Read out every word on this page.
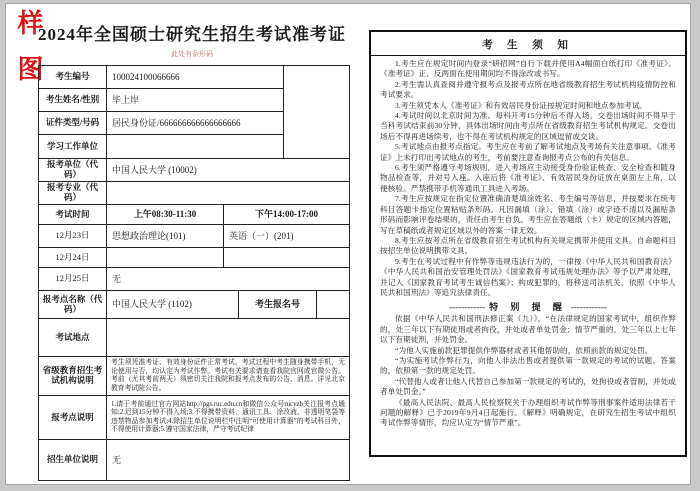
样图
2024年全国硕士研究生招生考试准考证
此处有条形码
考生编号	100024100066666
考生姓名/性别	毕上岸
证件类型/号码	居民身份证/666666666666666666
学习工作单位
报考单位（代码）	中国人民大学 (10002)
报考专业（代码）
考试时间	上午08:30-11:30	下午14:00-17:00
12月23日	思想政治理论(101)	英语（一）(201)
12月24日
12月25日	无
报考点名称（代码）	中国人民大学 (1102)	考生报名号
考试地点
省级教育招生考试机构说明
考生须凭准考证、有效身份证件正常考试。考试过程中考生随身携带手机，无论使用与否，均认定为考试作弊。考试有关要求请查看我院官网或官微公告。考前（尤其考前两天）须密切关注我院和报考点发布的公告、消息。详见北京教育考试院公告。
报考点说明
1.请于考前通过官方网站http://pgs.ruc.edu.cn和微信公众号rucyzb关注报考点通知;2.迟到15分钟不得入场;3.不得携带资料、通讯工具、涂改液、非透明笔袋等违禁物品参加考试;4.除招生单位说明栏中注明“可使用计算器”的考试科目外，不得使用计算器;5.遵守国家法律，严守考试纪律
招生单位说明	无
考 生 须 知

1.考生应在规定时间内登录“研招网”自行下载并使用A4幅面白纸打印《准考证》。《准考证》正、反两面在使用期间均不得涂改或书写。

2.考生需认真查阅并遵守报考点及报考点所在地省级教育招生考试机构疫情防控和考试要求。

3.考生须凭本人《准考证》和有效居民身份证按规定时间和地点参加考试。

4.考试时间以北京时间为准。每科开考15分钟后不得入场，交卷出场时间不得早于当科考试结束前30分钟，具体出场时间由考点所在省级教育招生考试机构规定。交卷出场后不得再进场续考，也不得在考试机构规定的区域逗留或交谈。

5.考试地点由报考点指定。考生应在考前了解考试地点及考场有关注意事项。《准考证》上未打印出考试地点的考生，考前要注意查询报考点公布的有关信息。

6.考生须严格遵守考场规则，进入考场应主动接受身份验证核查、安全检查和随身物品检查等，并对号入座。入座后将《准考证》、有效居民身份证放在桌面左上角，以便核验。严禁携带手机等通讯工具进入考场。

7.考生应按规定在指定位置准确清楚填涂姓名、考生编号等信息，并按要求在统考科目答题卡指定位置粘贴条形码。凡因漏填（涂）、错填（涂）或字迹不清以及漏贴条形码而影响评卷结果的，责任由考生自负。考生应在答题纸（卡）规定的区域内答题，写在草稿纸或者规定区域以外的答案一律无效。

8.考生应按考点所在省级教育招生考试机构有关规定携带并使用文具。自命题科目按招生单位说明携带文具。

9.考生在考试过程中有作弊等违规违法行为的，一律按《中华人民共和国教育法》《中华人民共和国治安管理处罚法》《国家教育考试违规处理办法》等予以严肃处理，并记入《国家教育考试考生诚信档案》；构成犯罪的，将移送司法机关，依照《中华人民共和国刑法》等追究法律责任。

------------ 特 别 提 醒 ------------

依据《中华人民共和国刑法修正案（九）》，“在法律规定的国家考试中，组织作弊的，处三年以下有期徒刑或者拘役，并处或者单处罚金；情节严重的，处三年以上七年以下有期徒刑，并处罚金。

“为他人实施前款犯罪提供作弊器材或者其他帮助的，依照前款的规定处罚。

“为实施考试作弊行为，向他人非法出售或者提供第一款规定的考试的试题、答案的，依照第一款的规定处罚。

“代替他人或者让他人代替自己参加第一款规定的考试的，处拘役或者管制，并处或者单处罚金。”

《最高人民法院、最高人民检察院关于办理组织考试作弊等刑事案件适用法律若干问题的解释》已于2019年9月4日起施行。《解释》明确规定，在研究生招生考试中组织考试作弊等情形，均应认定为“情节严重”。
